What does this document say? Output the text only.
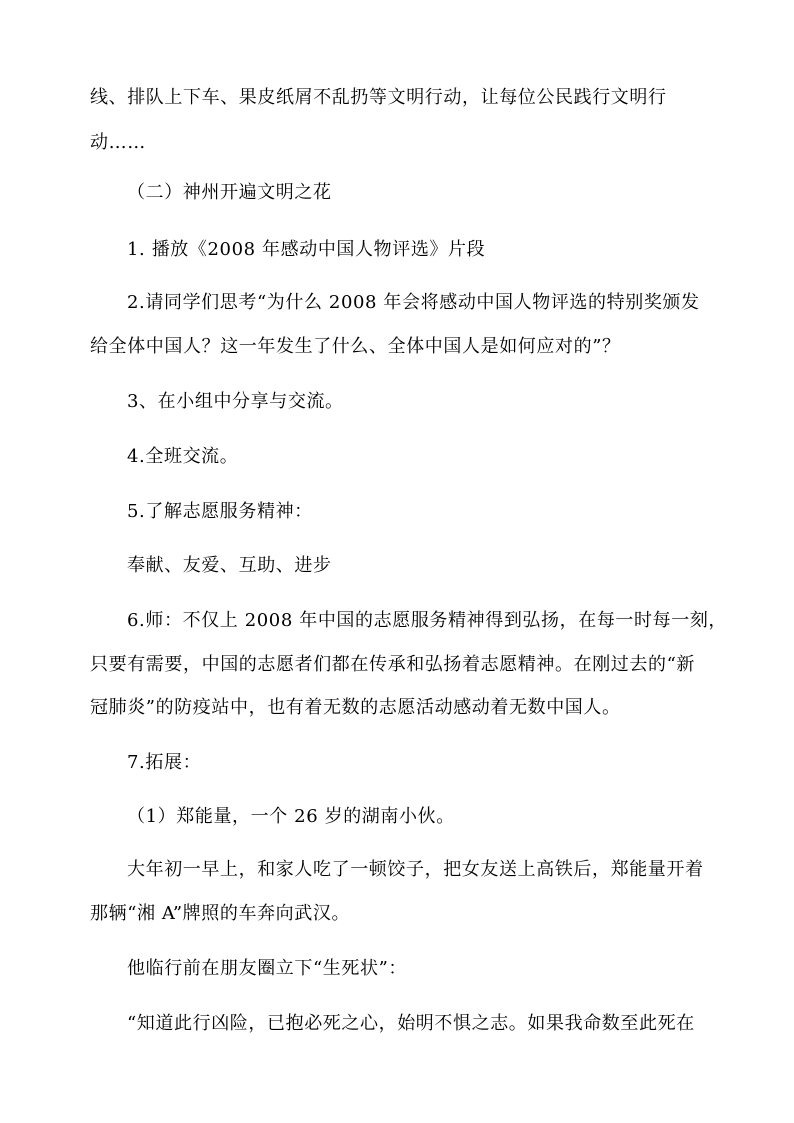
线、排队上下车、果皮纸屑不乱扔等文明行动，让每位公民践行文明行
动……
（二）神州开遍文明之花
1. 播放《2008 年感动中国人物评选》片段
2.请同学们思考“为什么 2008 年会将感动中国人物评选的特别奖颁发
给全体中国人？这一年发生了什么、全体中国人是如何应对的”？
3、在小组中分享与交流。
4.全班交流。
5.了解志愿服务精神：
奉献、友爱、互助、进步
6.师：不仅上 2008 年中国的志愿服务精神得到弘扬，在每一时每一刻，
只要有需要，中国的志愿者们都在传承和弘扬着志愿精神。在刚过去的“新
冠肺炎”的防疫站中，也有着无数的志愿活动感动着无数中国人。
7.拓展：
（1）郑能量，一个 26 岁的湖南小伙。
大年初一早上，和家人吃了一顿饺子，把女友送上高铁后，郑能量开着
那辆“湘 A”牌照的车奔向武汉。
他临行前在朋友圈立下“生死状”：
“知道此行凶险，已抱必死之心，始明不惧之志。如果我命数至此死在
